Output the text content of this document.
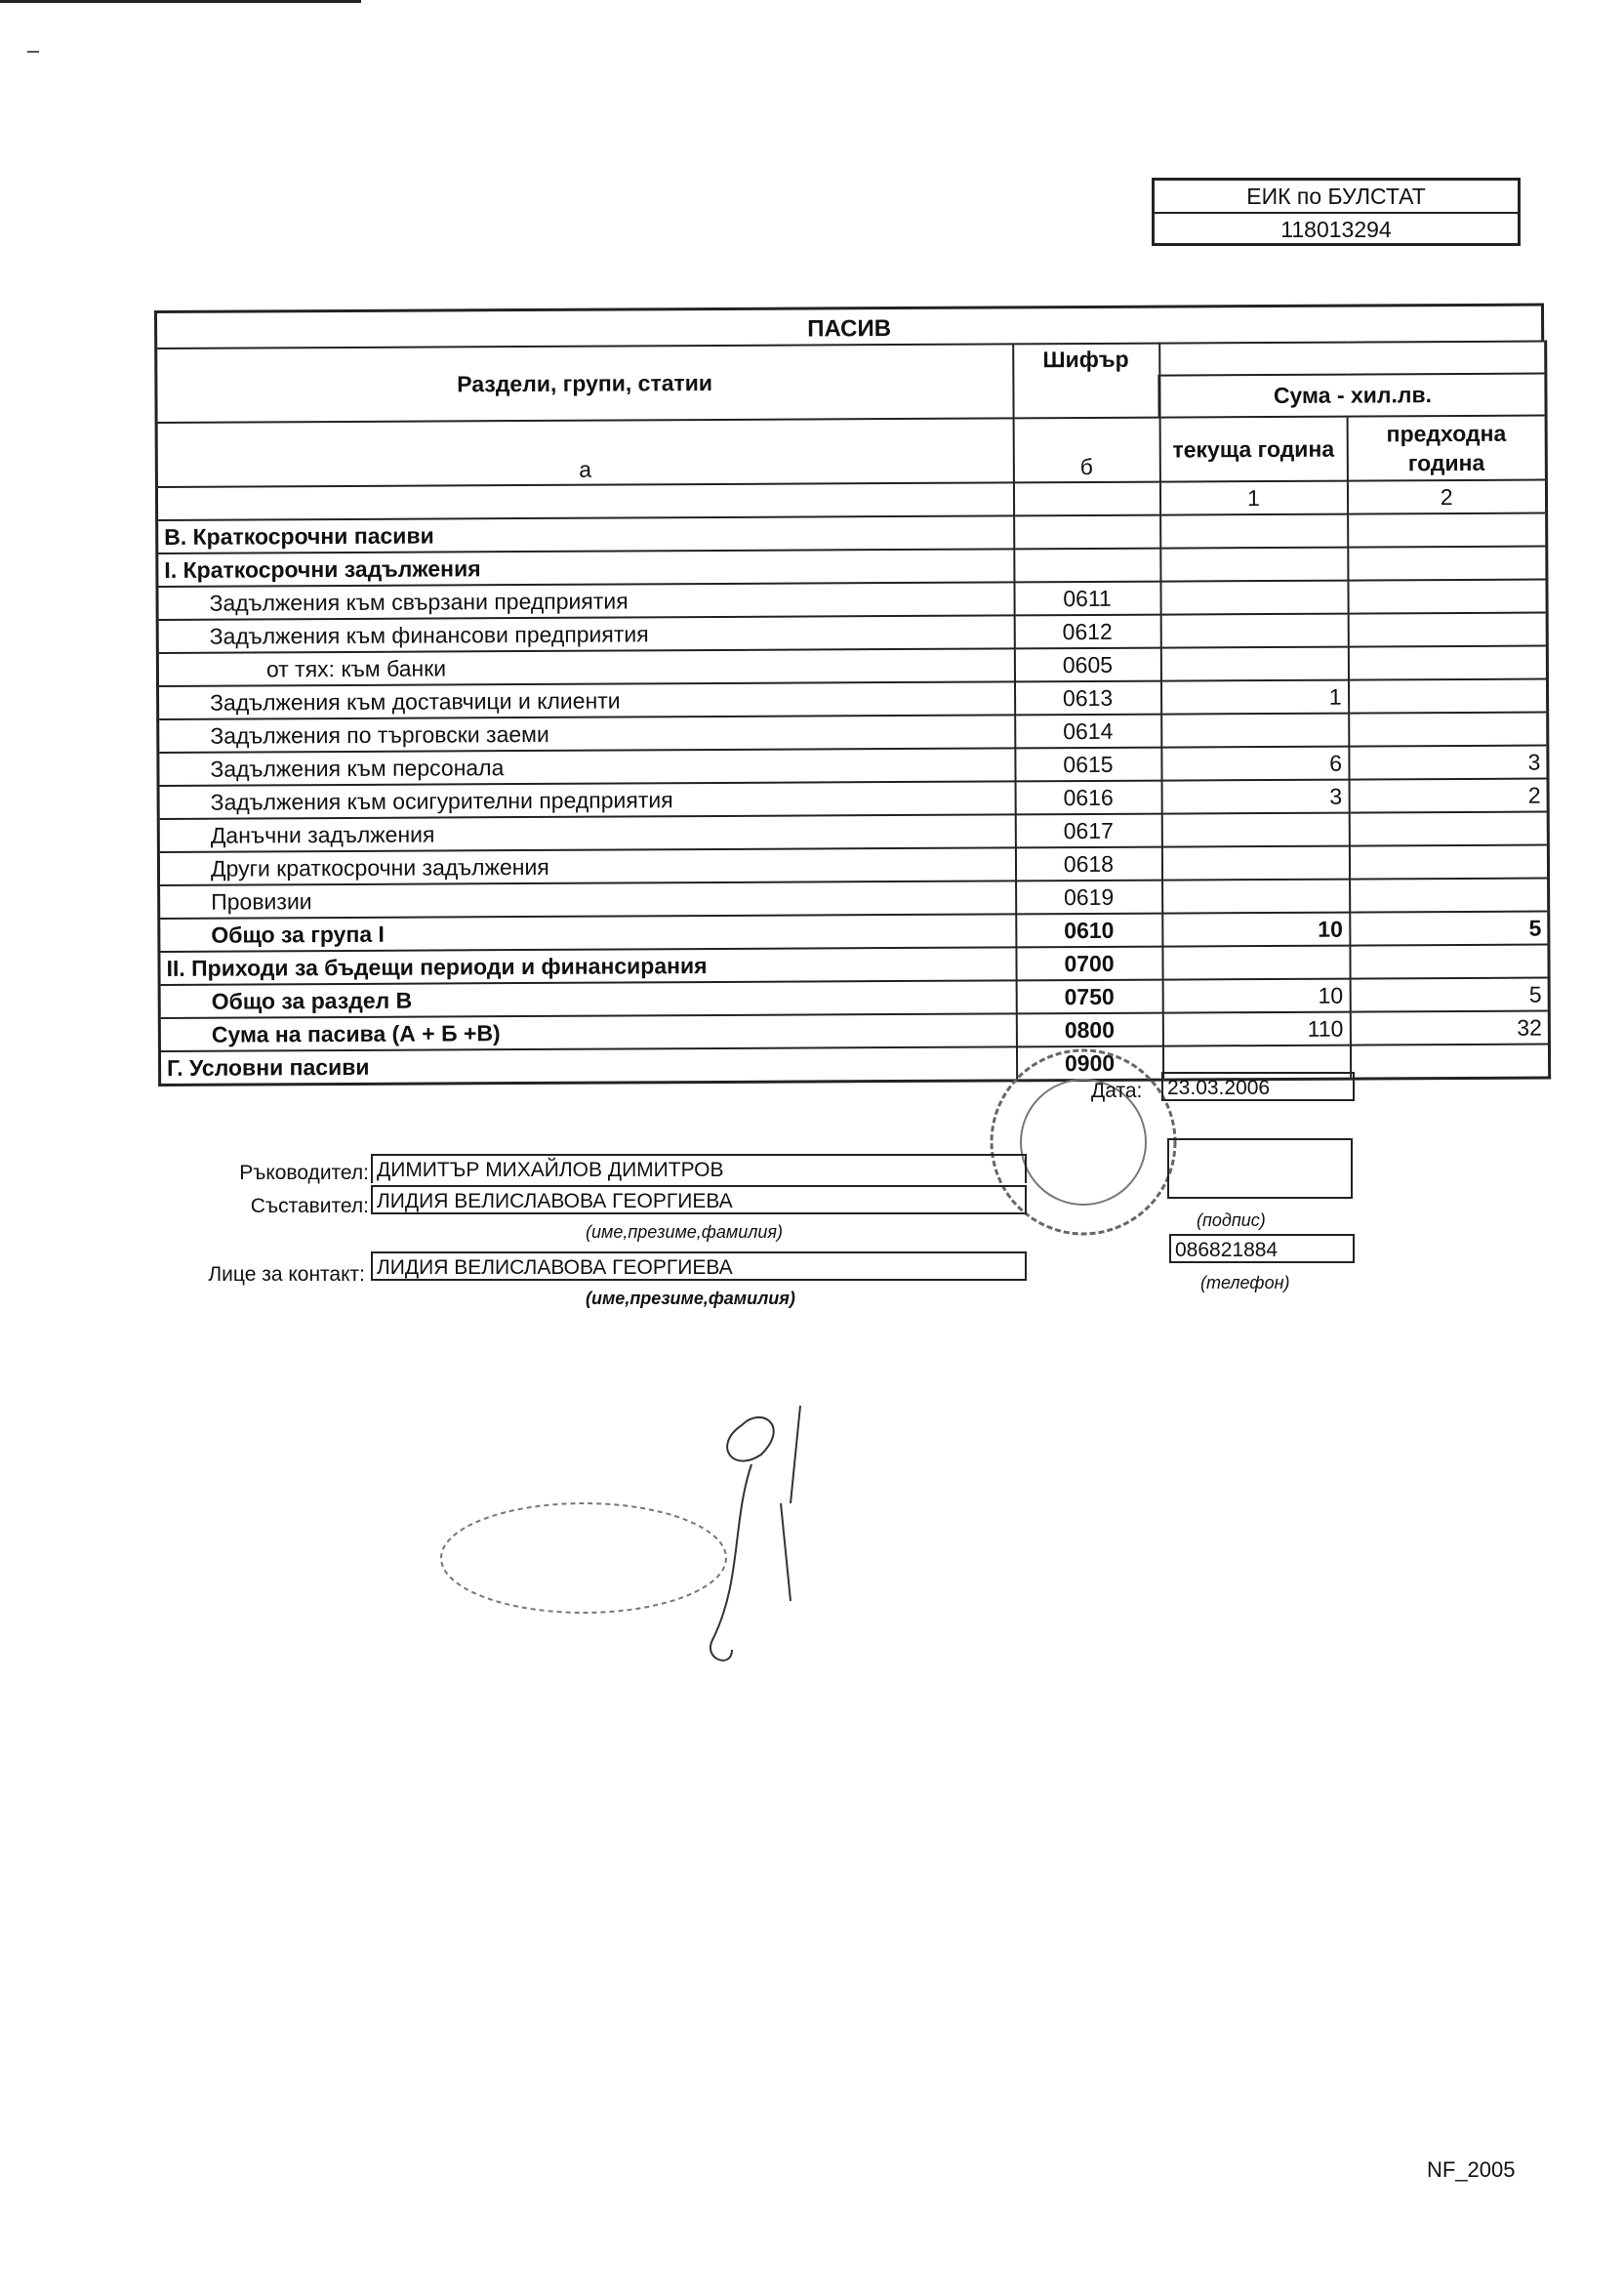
ЕИК по БУЛСТАТ
118013294
ПАСИВ
Раздели, групи, статии	Шифър		
		Сума - хил.лв.	
а	б	текуща година	предходна година
		1	2
В. Краткосрочни пасиви			
I. Краткосрочни задължения			
Задължения към свързани предприятия	0611		
Задължения към финансови предприятия	0612		
от тях: към банки	0605		
Задължения към доставчици и клиенти	0613	1	
Задължения по търговски заеми	0614		
Задължения към персонала	0615	6	3
Задължения към осигурителни предприятия	0616	3	2
Данъчни задължения	0617		
Други краткосрочни задължения	0618		
Провизии	0619		
Общо за група I	0610	10	5
II. Приходи за бъдещи периоди и финансирания	0700		
Общо за раздел В	0750	10	5
Сума на пасива (А + Б +В)	0800	110	32
Г. Условни пасиви	0900		
Дата: 23.03.2006
Ръководител: ДИМИТЪР МИХАЙЛОВ ДИМИТРОВ
Съставител: ЛИДИЯ ВЕЛИСЛАВОВА ГЕОРГИЕВА
(име,презиме,фамилия)
(подпис)
Лице за контакт: ЛИДИЯ ВЕЛИСЛАВОВА ГЕОРГИЕВА
086821884
(телефон)
(име,презиме,фамилия)
NF_2005
